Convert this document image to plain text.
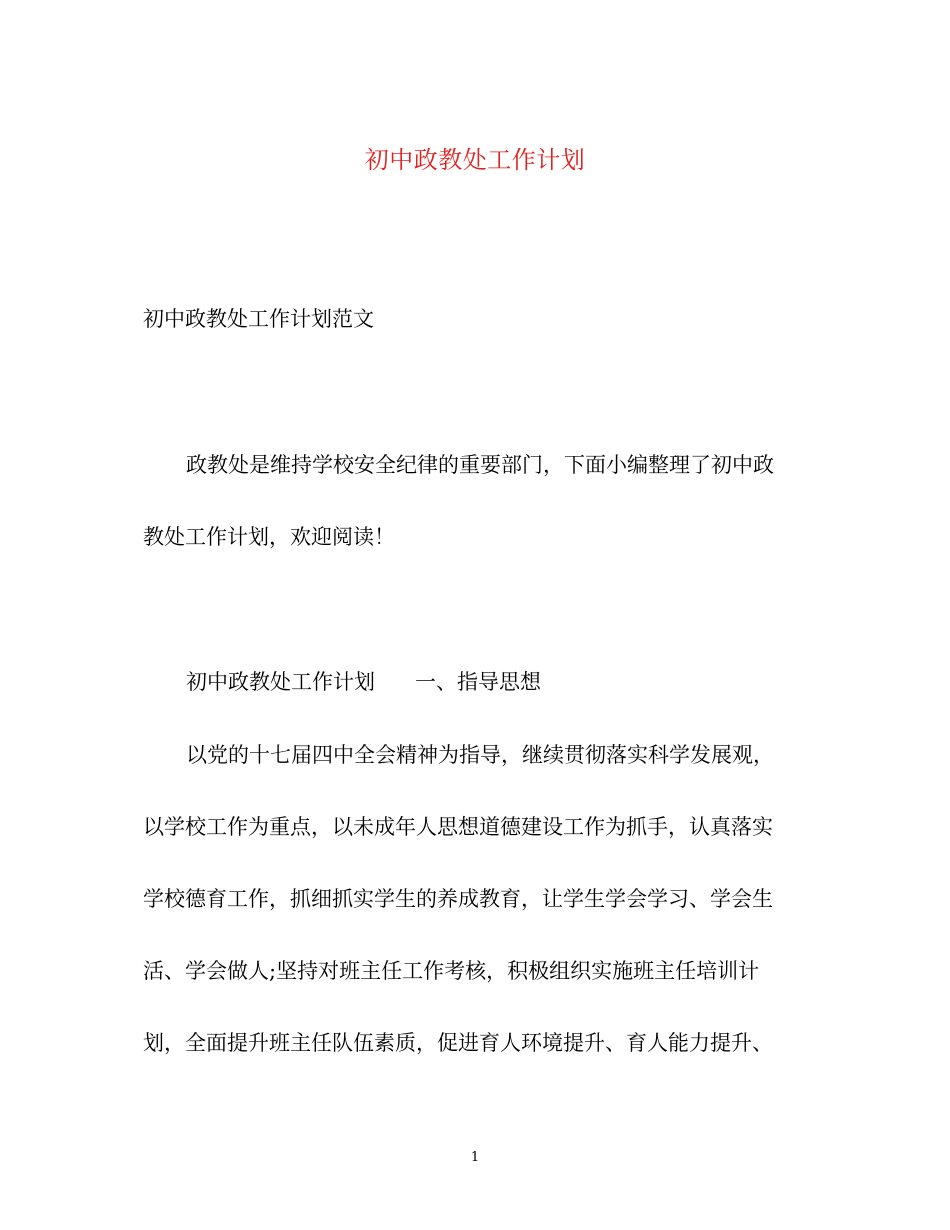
初中政教处工作计划
初中政教处工作计划范文
政教处是维持学校安全纪律的重要部门，下面小编整理了初中政
教处工作计划，欢迎阅读！
初中政教处工作计划 一、指导思想
以党的十七届四中全会精神为指导，继续贯彻落实科学发展观，
以学校工作为重点，以未成年人思想道德建设工作为抓手，认真落实
学校德育工作，抓细抓实学生的养成教育，让学生学会学习、学会生
活、学会做人;坚持对班主任工作考核，积极组织实施班主任培训计
划，全面提升班主任队伍素质，促进育人环境提升、育人能力提升、
1
